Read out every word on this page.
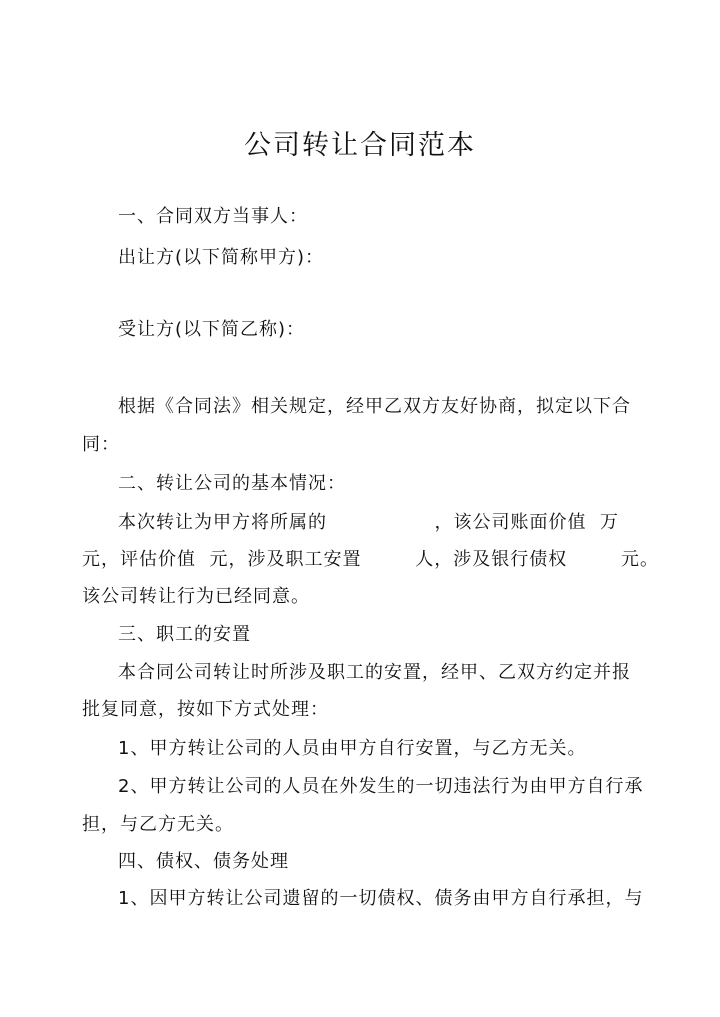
公司转让合同范本
一、合同双方当事人：
出让方(以下简称甲方)：
受让方(以下简乙称)：
根据《合同法》相关规定，经甲乙双方友好协商，拟定以下合
同：
二、转让公司的基本情况：
本次转让为甲方将所属的                ，该公司账面价值  万
元，评估价值  元，涉及职工安置        人，涉及银行债权        元。
该公司转让行为已经同意。
三、职工的安置
本合同公司转让时所涉及职工的安置，经甲、乙双方约定并报
批复同意，按如下方式处理：
1、甲方转让公司的人员由甲方自行安置，与乙方无关。
2、甲方转让公司的人员在外发生的一切违法行为由甲方自行承
担，与乙方无关。
四、债权、债务处理
1、因甲方转让公司遗留的一切债权、债务由甲方自行承担，与
